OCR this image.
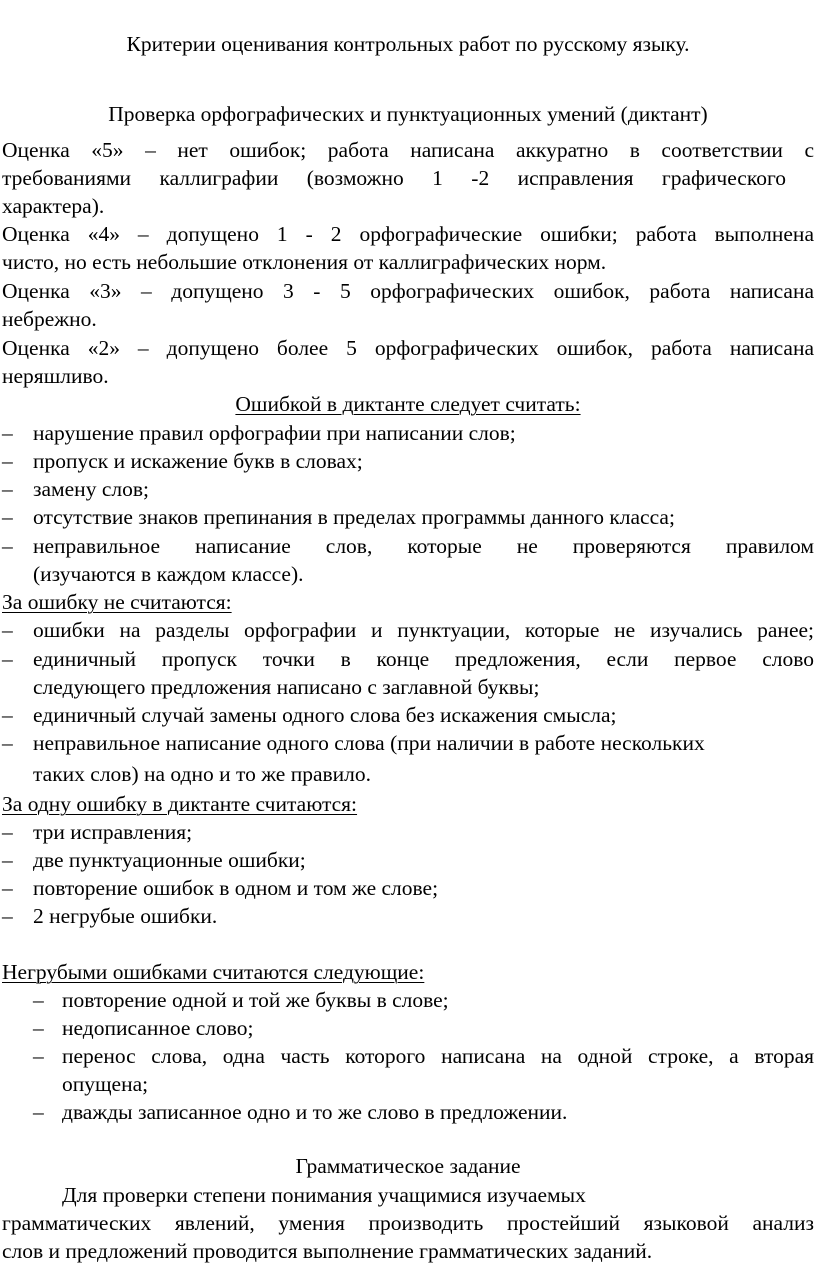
Критерии оценивания контрольных работ по русскому языку.
Проверка орфографических и пунктуационных умений (диктант)
Оценка «5» – нет ошибок; работа написана аккуратно в соответствии с
требованиями каллиграфии (возможно 1 -2 исправления графического
характера).
Оценка «4» – допущено 1 - 2 орфографические ошибки; работа выполнена
чисто, но есть небольшие отклонения от каллиграфических норм.
Оценка «3» – допущено 3 - 5 орфографических ошибок, работа написана
небрежно.
Оценка «2» – допущено более 5 орфографических ошибок, работа написана
неряшливо.
Ошибкой в диктанте следует считать:
– нарушение правил орфографии при написании слов;
– пропуск и искажение букв в словах;
– замену слов;
– отсутствие знаков препинания в пределах программы данного класса;
– неправильное написание слов, которые не проверяются правилом
(изучаются в каждом классе).
За ошибку не считаются:
– ошибки на разделы орфографии и пунктуации, которые не изучались ранее;
– единичный пропуск точки в конце предложения, если первое слово
следующего предложения написано с заглавной буквы;
– единичный случай замены одного слова без искажения смысла;
– неправильное написание одного слова (при наличии в работе нескольких
таких слов) на одно и то же правило.
За одну ошибку в диктанте считаются:
– три исправления;
– две пунктуационные ошибки;
– повторение ошибок в одном и том же слове;
– 2 негрубые ошибки.
Негрубыми ошибками считаются следующие:
– повторение одной и той же буквы в слове;
– недописанное слово;
– перенос слова, одна часть которого написана на одной строке, а вторая
опущена;
– дважды записанное одно и то же слово в предложении.
Грамматическое задание
Для проверки степени понимания учащимися изучаемых
грамматических явлений, умения производить простейший языковой анализ
слов и предложений проводится выполнение грамматических заданий.
